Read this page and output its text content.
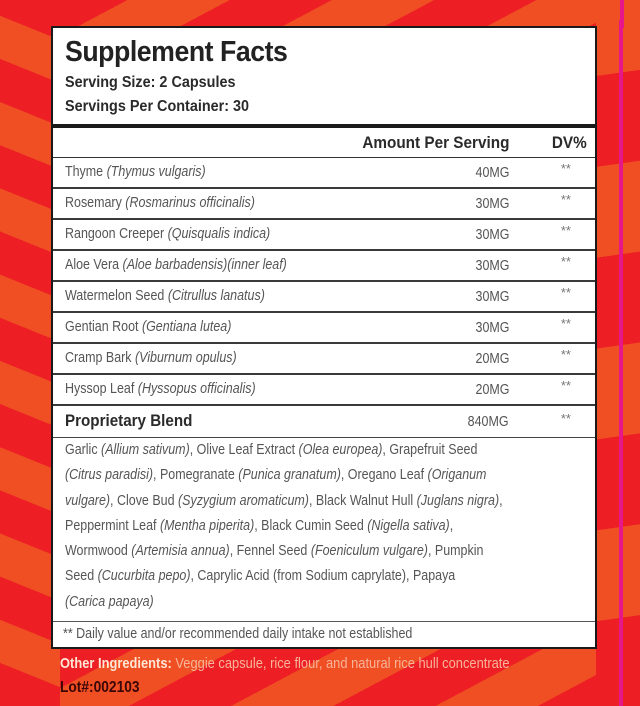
Supplement Facts
Serving Size: 2 Capsules
Servings Per Container: 30
Amount Per Serving	DV%
Thyme (Thymus vulgaris)	40MG	**
Rosemary (Rosmarinus officinalis)	30MG	**
Rangoon Creeper (Quisqualis indica)	30MG	**
Aloe Vera (Aloe barbadensis)(inner leaf)	30MG	**
Watermelon Seed (Citrullus lanatus)	30MG	**
Gentian Root (Gentiana lutea)	30MG	**
Cramp Bark (Viburnum opulus)	20MG	**
Hyssop Leaf (Hyssopus officinalis)	20MG	**
Proprietary Blend	840MG	**
Garlic (Allium sativum), Olive Leaf Extract (Olea europea), Grapefruit Seed
(Citrus paradisi), Pomegranate (Punica granatum), Oregano Leaf (Origanum
vulgare), Clove Bud (Syzygium aromaticum), Black Walnut Hull (Juglans nigra),
Peppermint Leaf (Mentha piperita), Black Cumin Seed (Nigella sativa),
Wormwood (Artemisia annua), Fennel Seed (Foeniculum vulgare), Pumpkin
Seed (Cucurbita pepo), Caprylic Acid (from Sodium caprylate), Papaya
(Carica papaya)
** Daily value and/or recommended daily intake not established
Other Ingredients: Veggie capsule, rice flour, and natural rice hull concentrate
Lot#:002103
